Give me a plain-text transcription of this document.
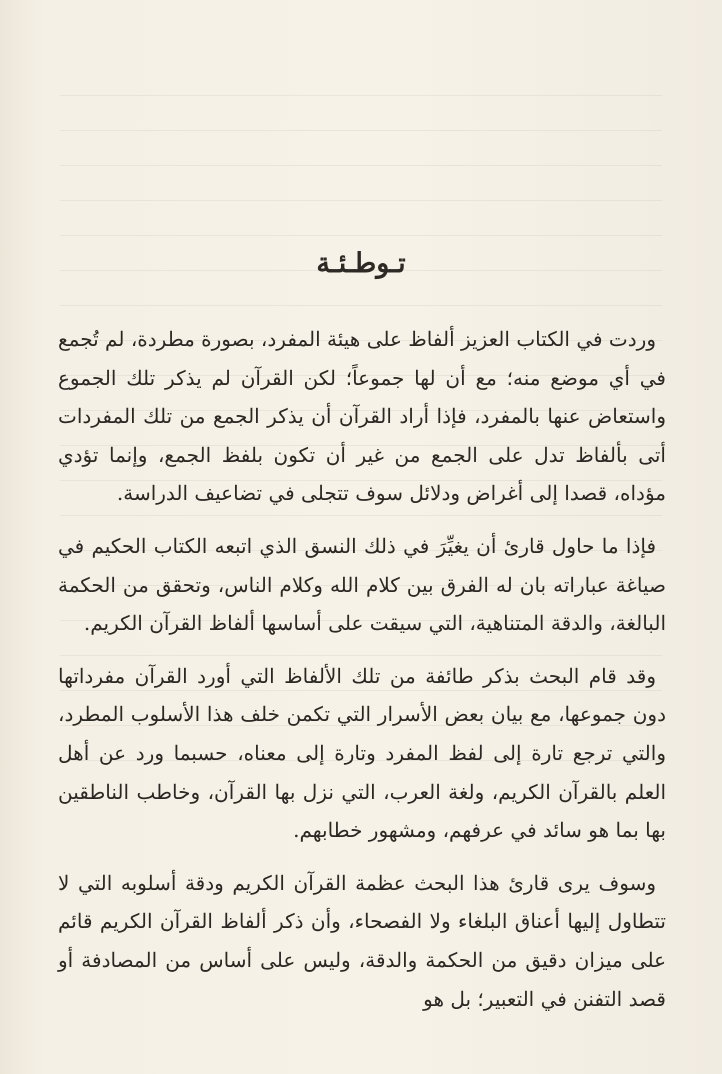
تـوطـئـة

وردت في الكتاب العزيز ألفاظ على هيئة المفرد، بصورة مطردة، لم تُجمع في أي موضع منه؛ مع أن لها جموعاً؛ لكن القرآن لم يذكر تلك الجموع واستعاض عنها بالمفرد، فإذا أراد القرآن أن يذكر الجمع من تلك المفردات أتى بألفاظ تدل على الجمع من غير أن تكون بلفظ الجمع، وإنما تؤدي مؤداه، قصدا إلى أغراض ودلائل سوف تتجلى في تضاعيف الدراسة.

فإذا ما حاول قارئ أن يغيِّرَ في ذلك النسق الذي اتبعه الكتاب الحكيم في صياغة عباراته بان له الفرق بين كلام الله وكلام الناس، وتحقق من الحكمة البالغة، والدقة المتناهية، التي سيقت على أساسها ألفاظ القرآن الكريم.

وقد قام البحث بذكر طائفة من تلك الألفاظ التي أورد القرآن مفرداتها دون جموعها، مع بيان بعض الأسرار التي تكمن خلف هذا الأسلوب المطرد، والتي ترجع تارة إلى لفظ المفرد وتارة إلى معناه، حسبما ورد عن أهل العلم بالقرآن الكريم، ولغة العرب، التي نزل بها القرآن، وخاطب الناطقين بها بما هو سائد في عرفهم، ومشهور خطابهم.

وسوف يرى قارئ هذا البحث عظمة القرآن الكريم ودقة أسلوبه التي لا تتطاول إليها أعناق البلغاء ولا الفصحاء، وأن ذكر ألفاظ القرآن الكريم قائم على ميزان دقيق من الحكمة والدقة، وليس على أساس من المصادفة أو قصد التفنن في التعبير؛ بل هو
